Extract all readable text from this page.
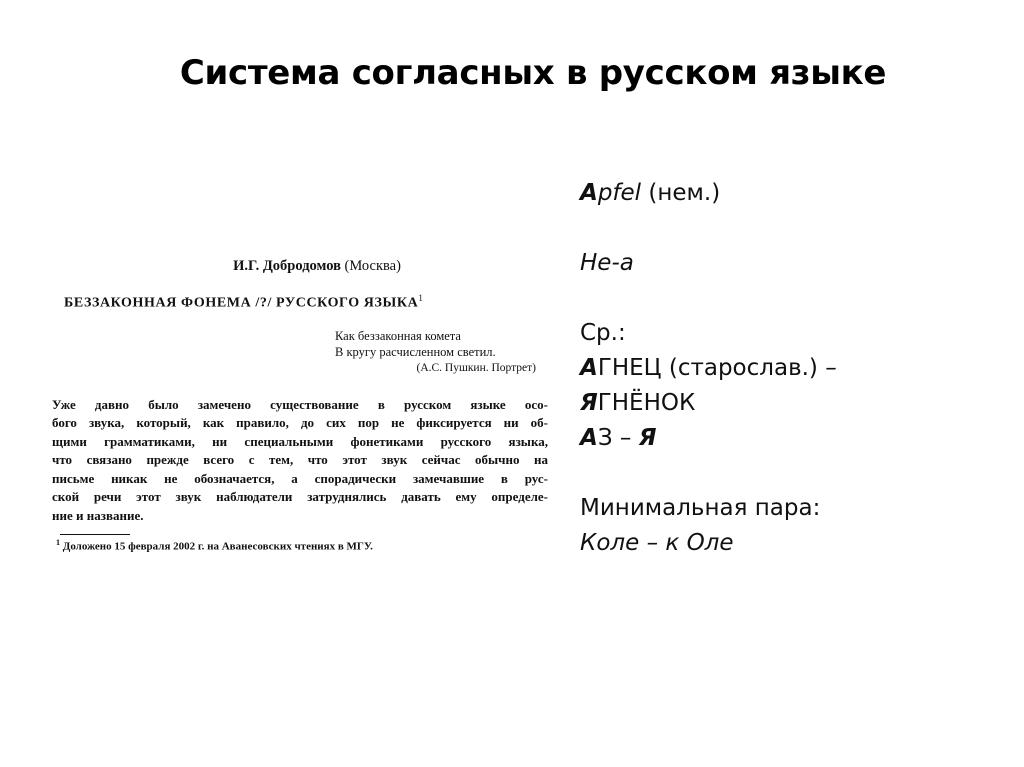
Система согласных в русском языке
И.Г. Добродомов (Москва)
БЕЗЗАКОННАЯ ФОНЕМА /?/ РУССКОГО ЯЗЫКА$^1$
Как беззаконная комета
В кругу расчисленном светил.
(А.С. Пушкин. Портрет)
Уже давно было замечено существование в русском языке осо-
бого звука, который, как правило, до сих пор не фиксируется ни об-
щими грамматиками, ни специальными фонетиками русского языка,
что связано прежде всего с тем, что этот звук сейчас обычно на
письме никак не обозначается, а спорадически замечавшие в рус-
ской речи этот звук наблюдатели затруднялись давать ему определе-
ние и название.
$^1$ Доложено 15 февраля 2002 г. на Аванесовских чтениях в МГУ.
Apfel (нем.)
Не-а
Ср.:
АГНЕЦ (старослав.) –
ЯГНЁНОК
АЗ – Я
Минимальная пара:
Коле – к Оле
